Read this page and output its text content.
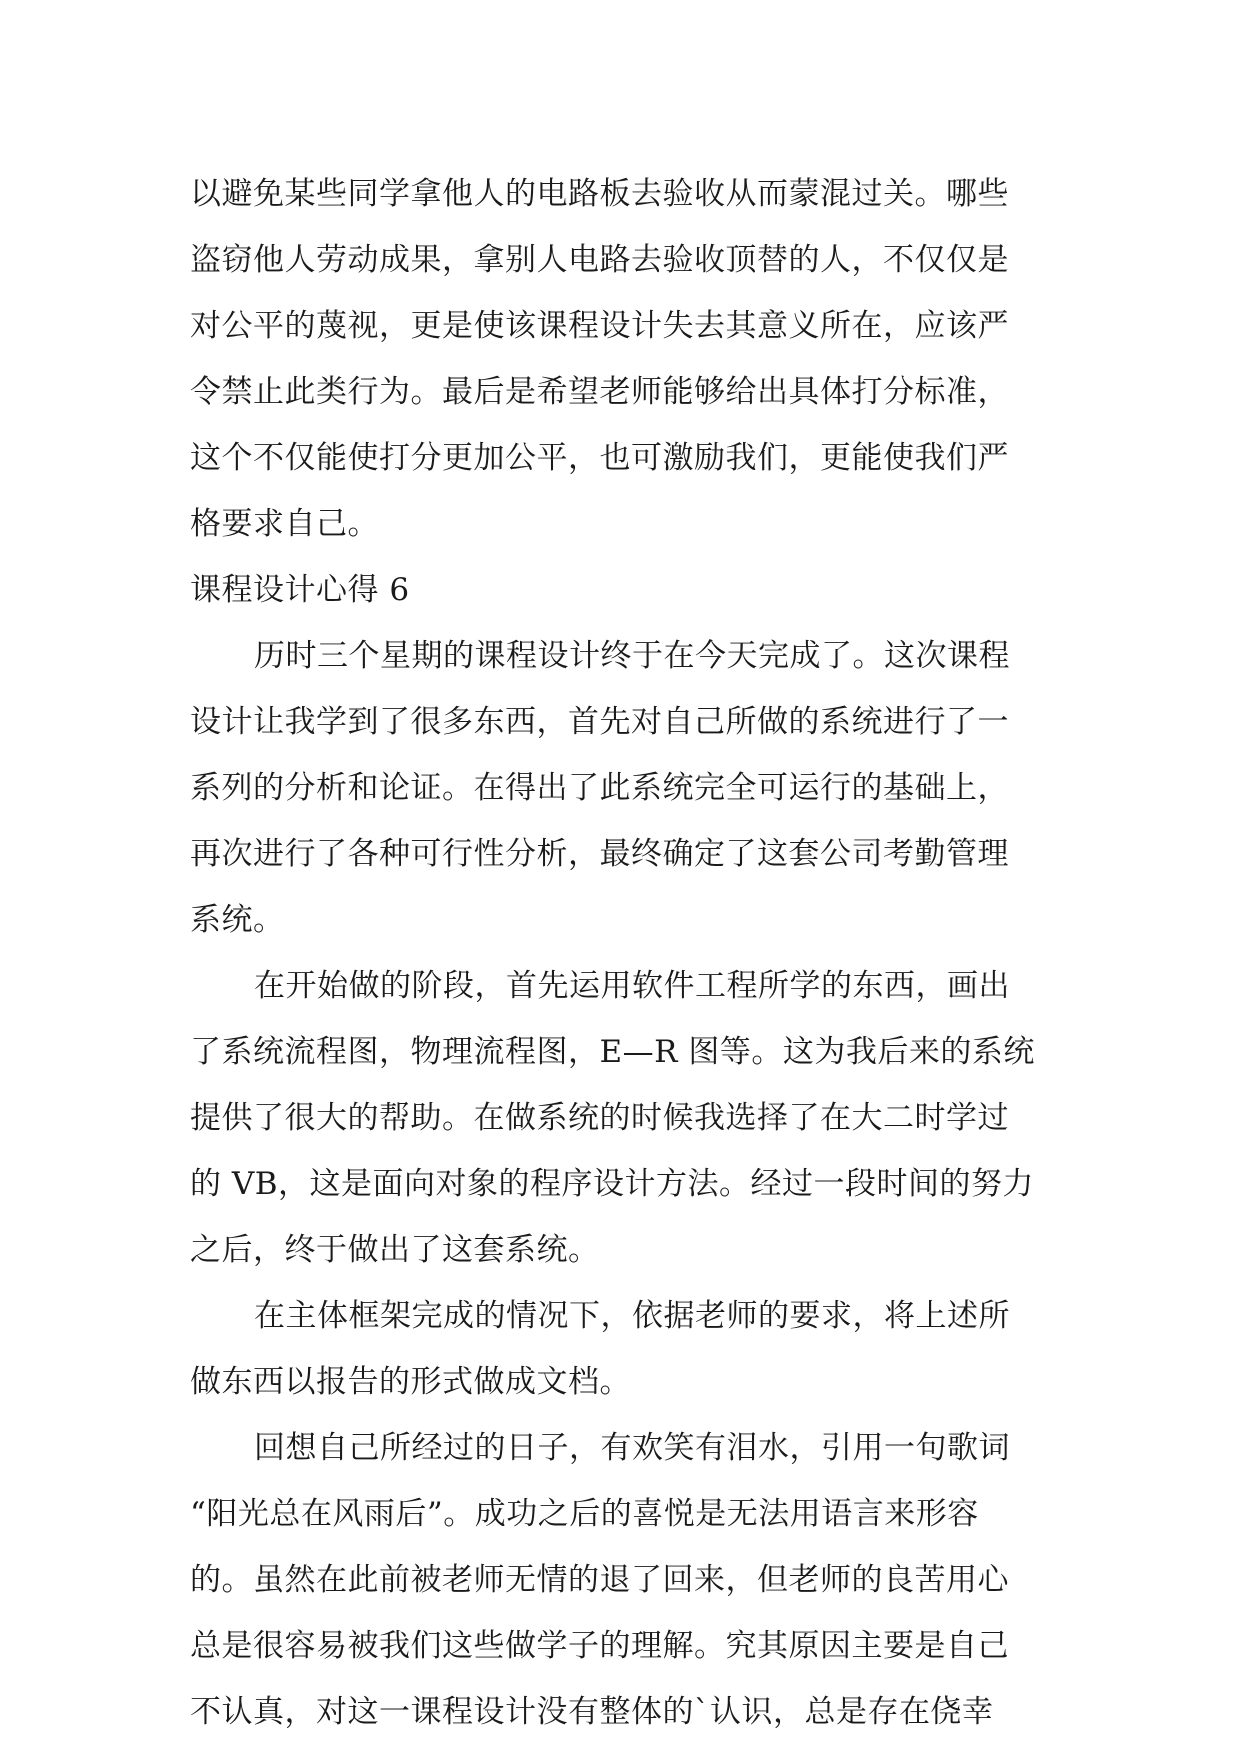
以避免某些同学拿他人的电路板去验收从而蒙混过关。哪些
盗窃他人劳动成果，拿别人电路去验收顶替的人，不仅仅是
对公平的蔑视，更是使该课程设计失去其意义所在，应该严
令禁止此类行为。最后是希望老师能够给出具体打分标准，
这个不仅能使打分更加公平，也可激励我们，更能使我们严
格要求自己。
课程设计心得 6
历时三个星期的课程设计终于在今天完成了。这次课程
设计让我学到了很多东西，首先对自己所做的系统进行了一
系列的分析和论证。在得出了此系统完全可运行的基础上，
再次进行了各种可行性分析，最终确定了这套公司考勤管理
系统。
在开始做的阶段，首先运用软件工程所学的东西，画出
了系统流程图，物理流程图，E—R 图等。这为我后来的系统
提供了很大的帮助。在做系统的时候我选择了在大二时学过
的 VB，这是面向对象的程序设计方法。经过一段时间的努力
之后，终于做出了这套系统。
在主体框架完成的情况下，依据老师的要求，将上述所
做东西以报告的形式做成文档。
回想自己所经过的日子，有欢笑有泪水，引用一句歌词
“阳光总在风雨后”。成功之后的喜悦是无法用语言来形容
的。虽然在此前被老师无情的退了回来，但老师的良苦用心
总是很容易被我们这些做学子的理解。究其原因主要是自己
不认真，对这一课程设计没有整体的`认识，总是存在侥幸
